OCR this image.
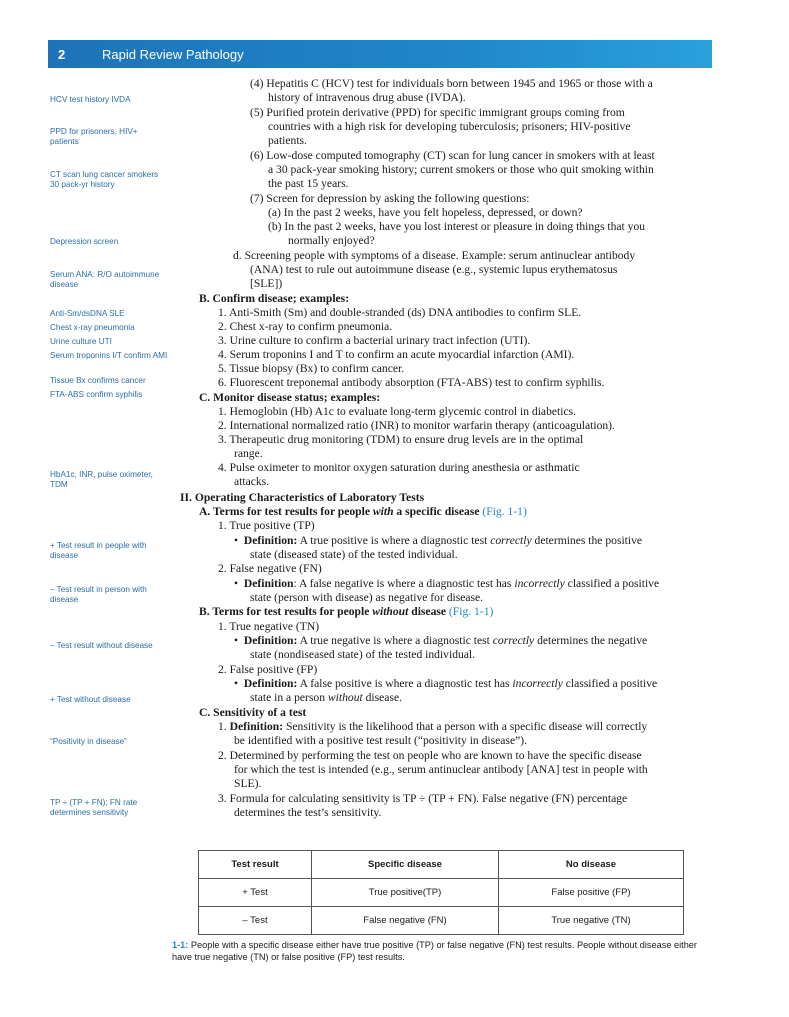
2	Rapid Review Pathology
HCV test history IVDA
PPD for prisoners, HIV+ patients
CT scan lung cancer smokers 30 pack-yr history
Depression screen
Serum ANA: R/O autoimmune disease
Anti-Sm/dsDNA SLE
Chest x-ray pneumonia
Urine culture UTI
Serum troponins I/T confirm AMI
Tissue Bx confirms cancer
FTA-ABS confirm syphilis
HbA1c, INR, pulse oximeter, TDM
+ Test result in people with disease
– Test result in person with disease
– Test result without disease
+ Test without disease
“Positivity in disease”
TP ÷ (TP + FN); FN rate determines sensitivity
(4) Hepatitis C (HCV) test for individuals born between 1945 and 1965 or those with a
history of intravenous drug abuse (IVDA).
(5) Purified protein derivative (PPD) for specific immigrant groups coming from
countries with a high risk for developing tuberculosis; prisoners; HIV-positive
patients.
(6) Low-dose computed tomography (CT) scan for lung cancer in smokers with at least
a 30 pack-year smoking history; current smokers or those who quit smoking within
the past 15 years.
(7) Screen for depression by asking the following questions:
(a) In the past 2 weeks, have you felt hopeless, depressed, or down?
(b) In the past 2 weeks, have you lost interest or pleasure in doing things that you
normally enjoyed?
d. Screening people with symptoms of a disease. Example: serum antinuclear antibody
(ANA) test to rule out autoimmune disease (e.g., systemic lupus erythematosus
[SLE])
B. Confirm disease; examples:
1. Anti-Smith (Sm) and double-stranded (ds) DNA antibodies to confirm SLE.
2. Chest x-ray to confirm pneumonia.
3. Urine culture to confirm a bacterial urinary tract infection (UTI).
4. Serum troponins I and T to confirm an acute myocardial infarction (AMI).
5. Tissue biopsy (Bx) to confirm cancer.
6. Fluorescent treponemal antibody absorption (FTA-ABS) test to confirm syphilis.
C. Monitor disease status; examples:
1. Hemoglobin (Hb) A1c to evaluate long-term glycemic control in diabetics.
2. International normalized ratio (INR) to monitor warfarin therapy (anticoagulation).
3. Therapeutic drug monitoring (TDM) to ensure drug levels are in the optimal
range.
4. Pulse oximeter to monitor oxygen saturation during anesthesia or asthmatic
attacks.
II. Operating Characteristics of Laboratory Tests
A. Terms for test results for people with a specific disease (Fig. 1-1)
1. True positive (TP)
•  Definition: A true positive is where a diagnostic test correctly determines the positive
state (diseased state) of the tested individual.
2. False negative (FN)
•  Definition: A false negative is where a diagnostic test has incorrectly classified a positive
state (person with disease) as negative for disease.
B. Terms for test results for people without disease (Fig. 1-1)
1. True negative (TN)
•  Definition: A true negative is where a diagnostic test correctly determines the negative
state (nondiseased state) of the tested individual.
2. False positive (FP)
•  Definition: A false positive is where a diagnostic test has incorrectly classified a positive
state in a person without disease.
C. Sensitivity of a test
1. Definition: Sensitivity is the likelihood that a person with a specific disease will correctly
be identified with a positive test result (“positivity in disease”).
2. Determined by performing the test on people who are known to have the specific disease
for which the test is intended (e.g., serum antinuclear antibody [ANA] test in people with
SLE).
3. Formula for calculating sensitivity is TP ÷ (TP + FN). False negative (FN) percentage
determines the test’s sensitivity.
Test result	Specific disease	No disease
+ Test	True positive(TP)	False positive (FP)
– Test	False negative (FN)	True negative (TN)
1-1: People with a specific disease either have true positive (TP) or false negative (FN) test results. People without disease either have true negative (TN) or false positive (FP) test results.
